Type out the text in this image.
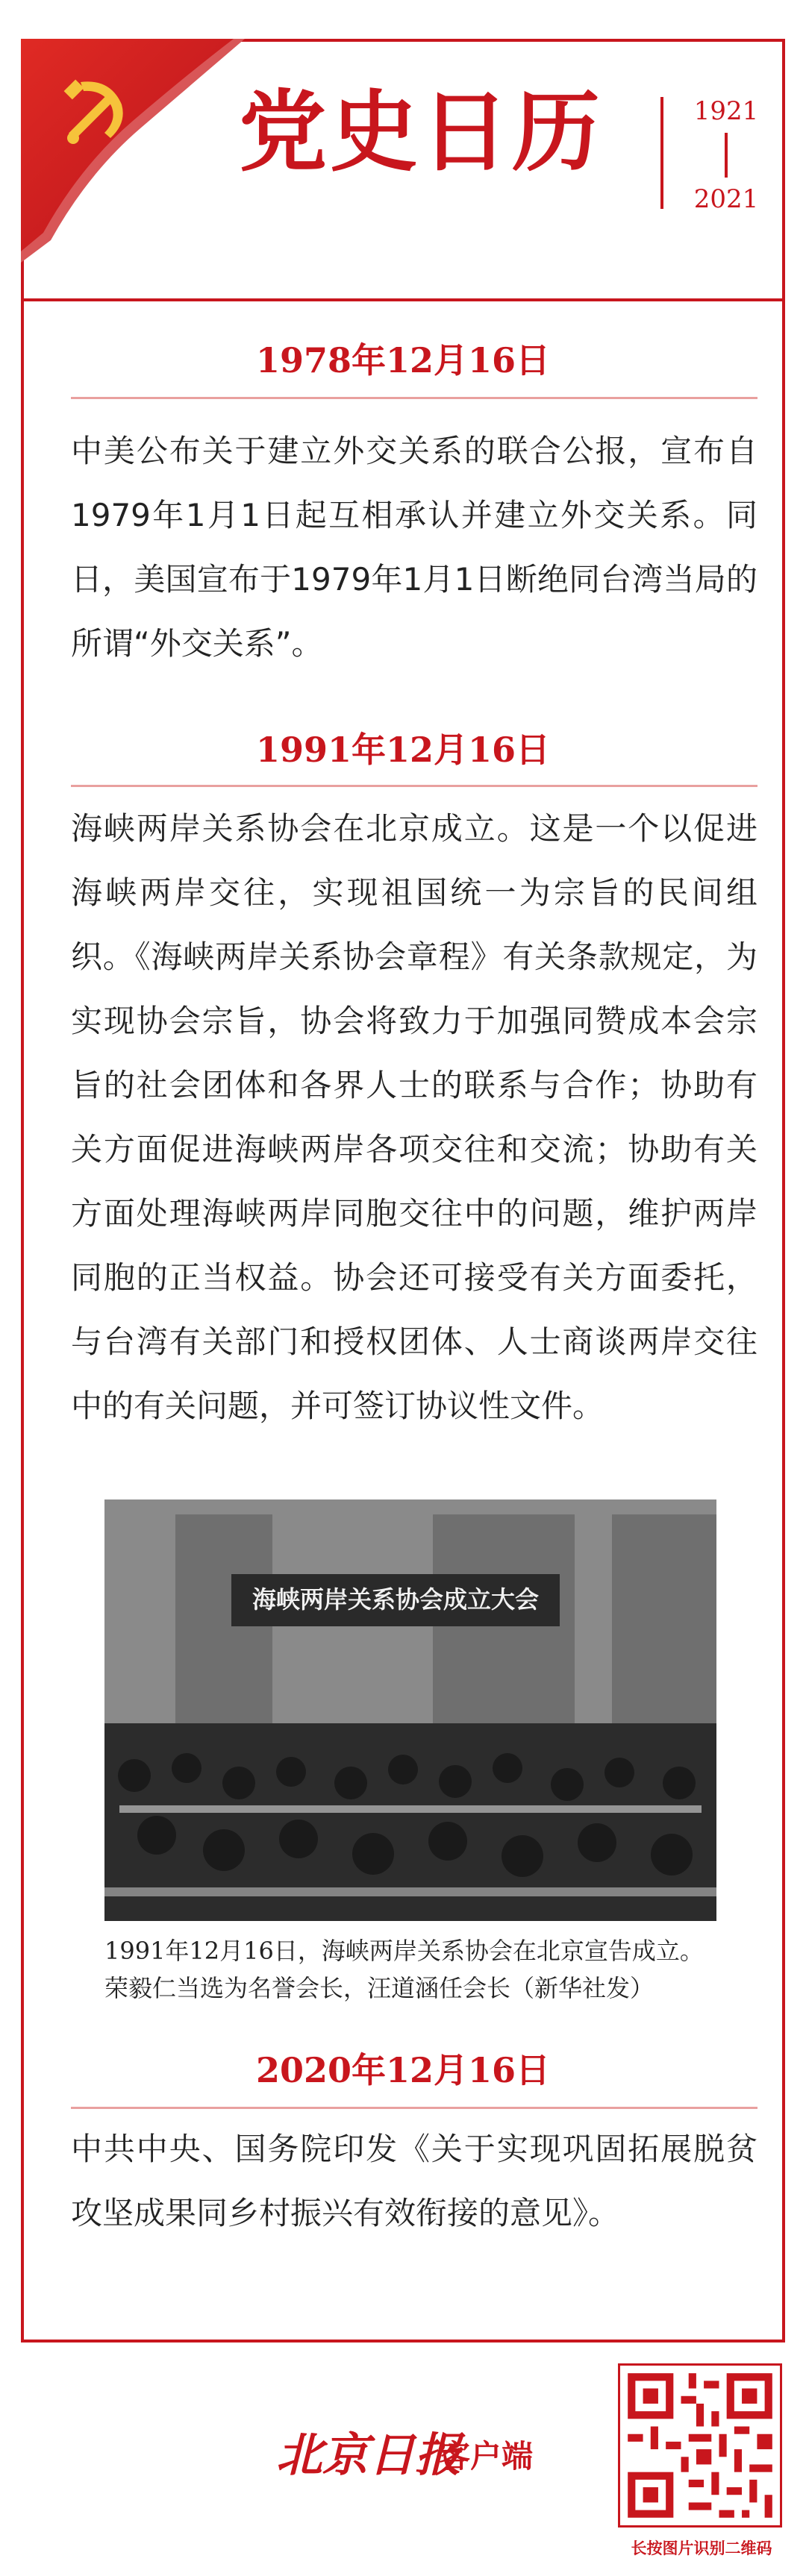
党史日历	1921
2021
1978年12月16日

中美公布关于建立外交关系的联合公报，宣布自1979年1月1日起互相承认并建立外交关系。同日，美国宣布于1979年1月1日断绝同台湾当局的所谓“外交关系”。

1991年12月16日

海峡两岸关系协会在北京成立。这是一个以促进海峡两岸交往，实现祖国统一为宗旨的民间组织。《海峡两岸关系协会章程》有关条款规定，为实现协会宗旨，协会将致力于加强同赞成本会宗旨的社会团体和各界人士的联系与合作；协助有关方面促进海峡两岸各项交往和交流；协助有关方面处理海峡两岸同胞交往中的问题，维护两岸同胞的正当权益。协会还可接受有关方面委托，与台湾有关部门和授权团体、人士商谈两岸交往中的有关问题，并可签订协议性文件。

海峡两岸关系协会成立大会

1991年12月16日，海峡两岸关系协会在北京宣告成立。荣毅仁当选为名誉会长，汪道涵任会长（新华社发）

2020年12月16日

中共中央、国务院印发《关于实现巩固拓展脱贫攻坚成果同乡村振兴有效衔接的意见》。

北京日报
客户端
长按图片识别二维码
